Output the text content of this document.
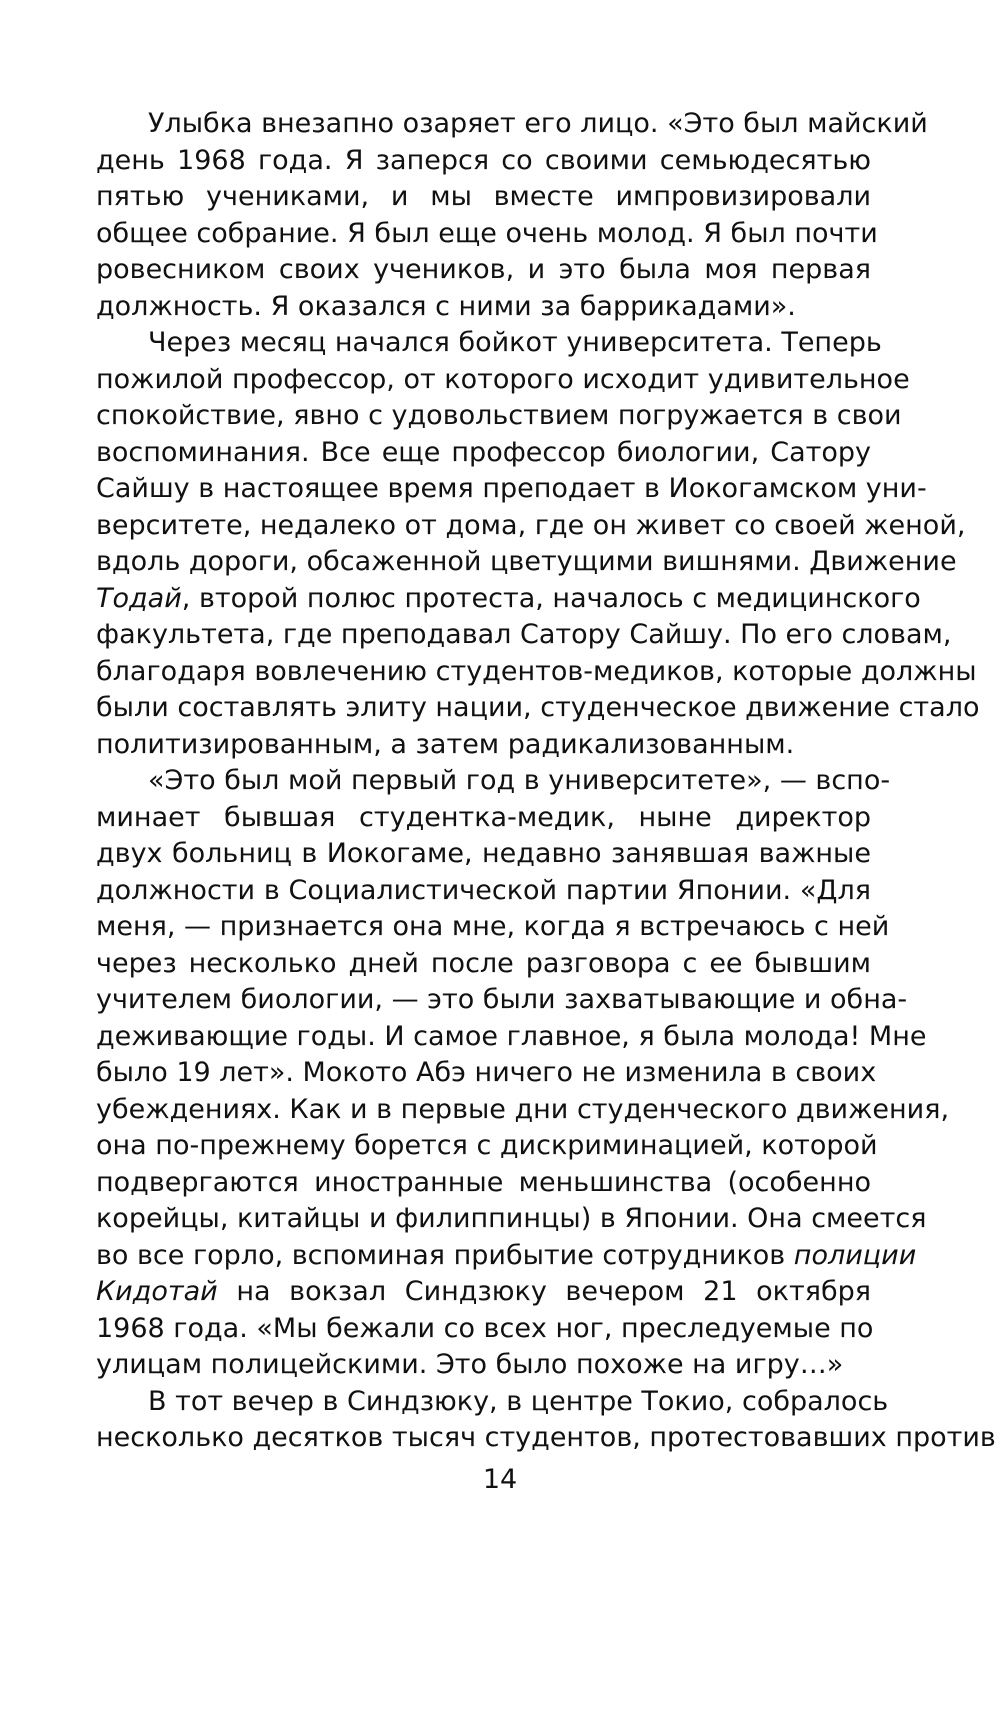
Улыбка внезапно озаряет его лицо. «Это был майский
день 1968 года. Я заперся со своими семьюдесятью
пятью учениками, и мы вместе импровизировали
общее собрание. Я был еще очень молод. Я был почти
ровесником своих учеников, и это была моя первая
должность. Я оказался с ними за баррикадами».
Через месяц начался бойкот университета. Теперь
пожилой профессор, от которого исходит удивительное
спокойствие, явно с удовольствием погружается в свои
воспоминания. Все еще профессор биологии, Сатору
Сайшу в настоящее время преподает в Иокогамском уни-
верситете, недалеко от дома, где он живет со своей женой,
вдоль дороги, обсаженной цветущими вишнями. Движение
Тодай, второй полюс протеста, началось с медицинского
факультета, где преподавал Сатору Сайшу. По его словам,
благодаря вовлечению студентов-медиков, которые должны
были составлять элиту нации, студенческое движение стало
политизированным, а затем радикализованным.
«Это был мой первый год в университете», — вспо-
минает бывшая студентка-медик, ныне директор
двух больниц в Иокогаме, недавно занявшая важные
должности в Социалистической партии Японии. «Для
меня, — признается она мне, когда я встречаюсь с ней
через несколько дней после разговора с ее бывшим
учителем биологии, — это были захватывающие и обна-
деживающие годы. И самое главное, я была молода! Мне
было 19 лет». Мокото Абэ ничего не изменила в своих
убеждениях. Как и в первые дни студенческого движения,
она по-прежнему борется с дискриминацией, которой
подвергаются иностранные меньшинства (особенно
корейцы, китайцы и филиппинцы) в Японии. Она смеется
во все горло, вспоминая прибытие сотрудников полиции
Кидотай на вокзал Синдзюку вечером 21 октября
1968 года. «Мы бежали со всех ног, преследуемые по
улицам полицейскими. Это было похоже на игру…»
В тот вечер в Синдзюку, в центре Токио, собралось
несколько десятков тысяч студентов, протестовавших против
14
